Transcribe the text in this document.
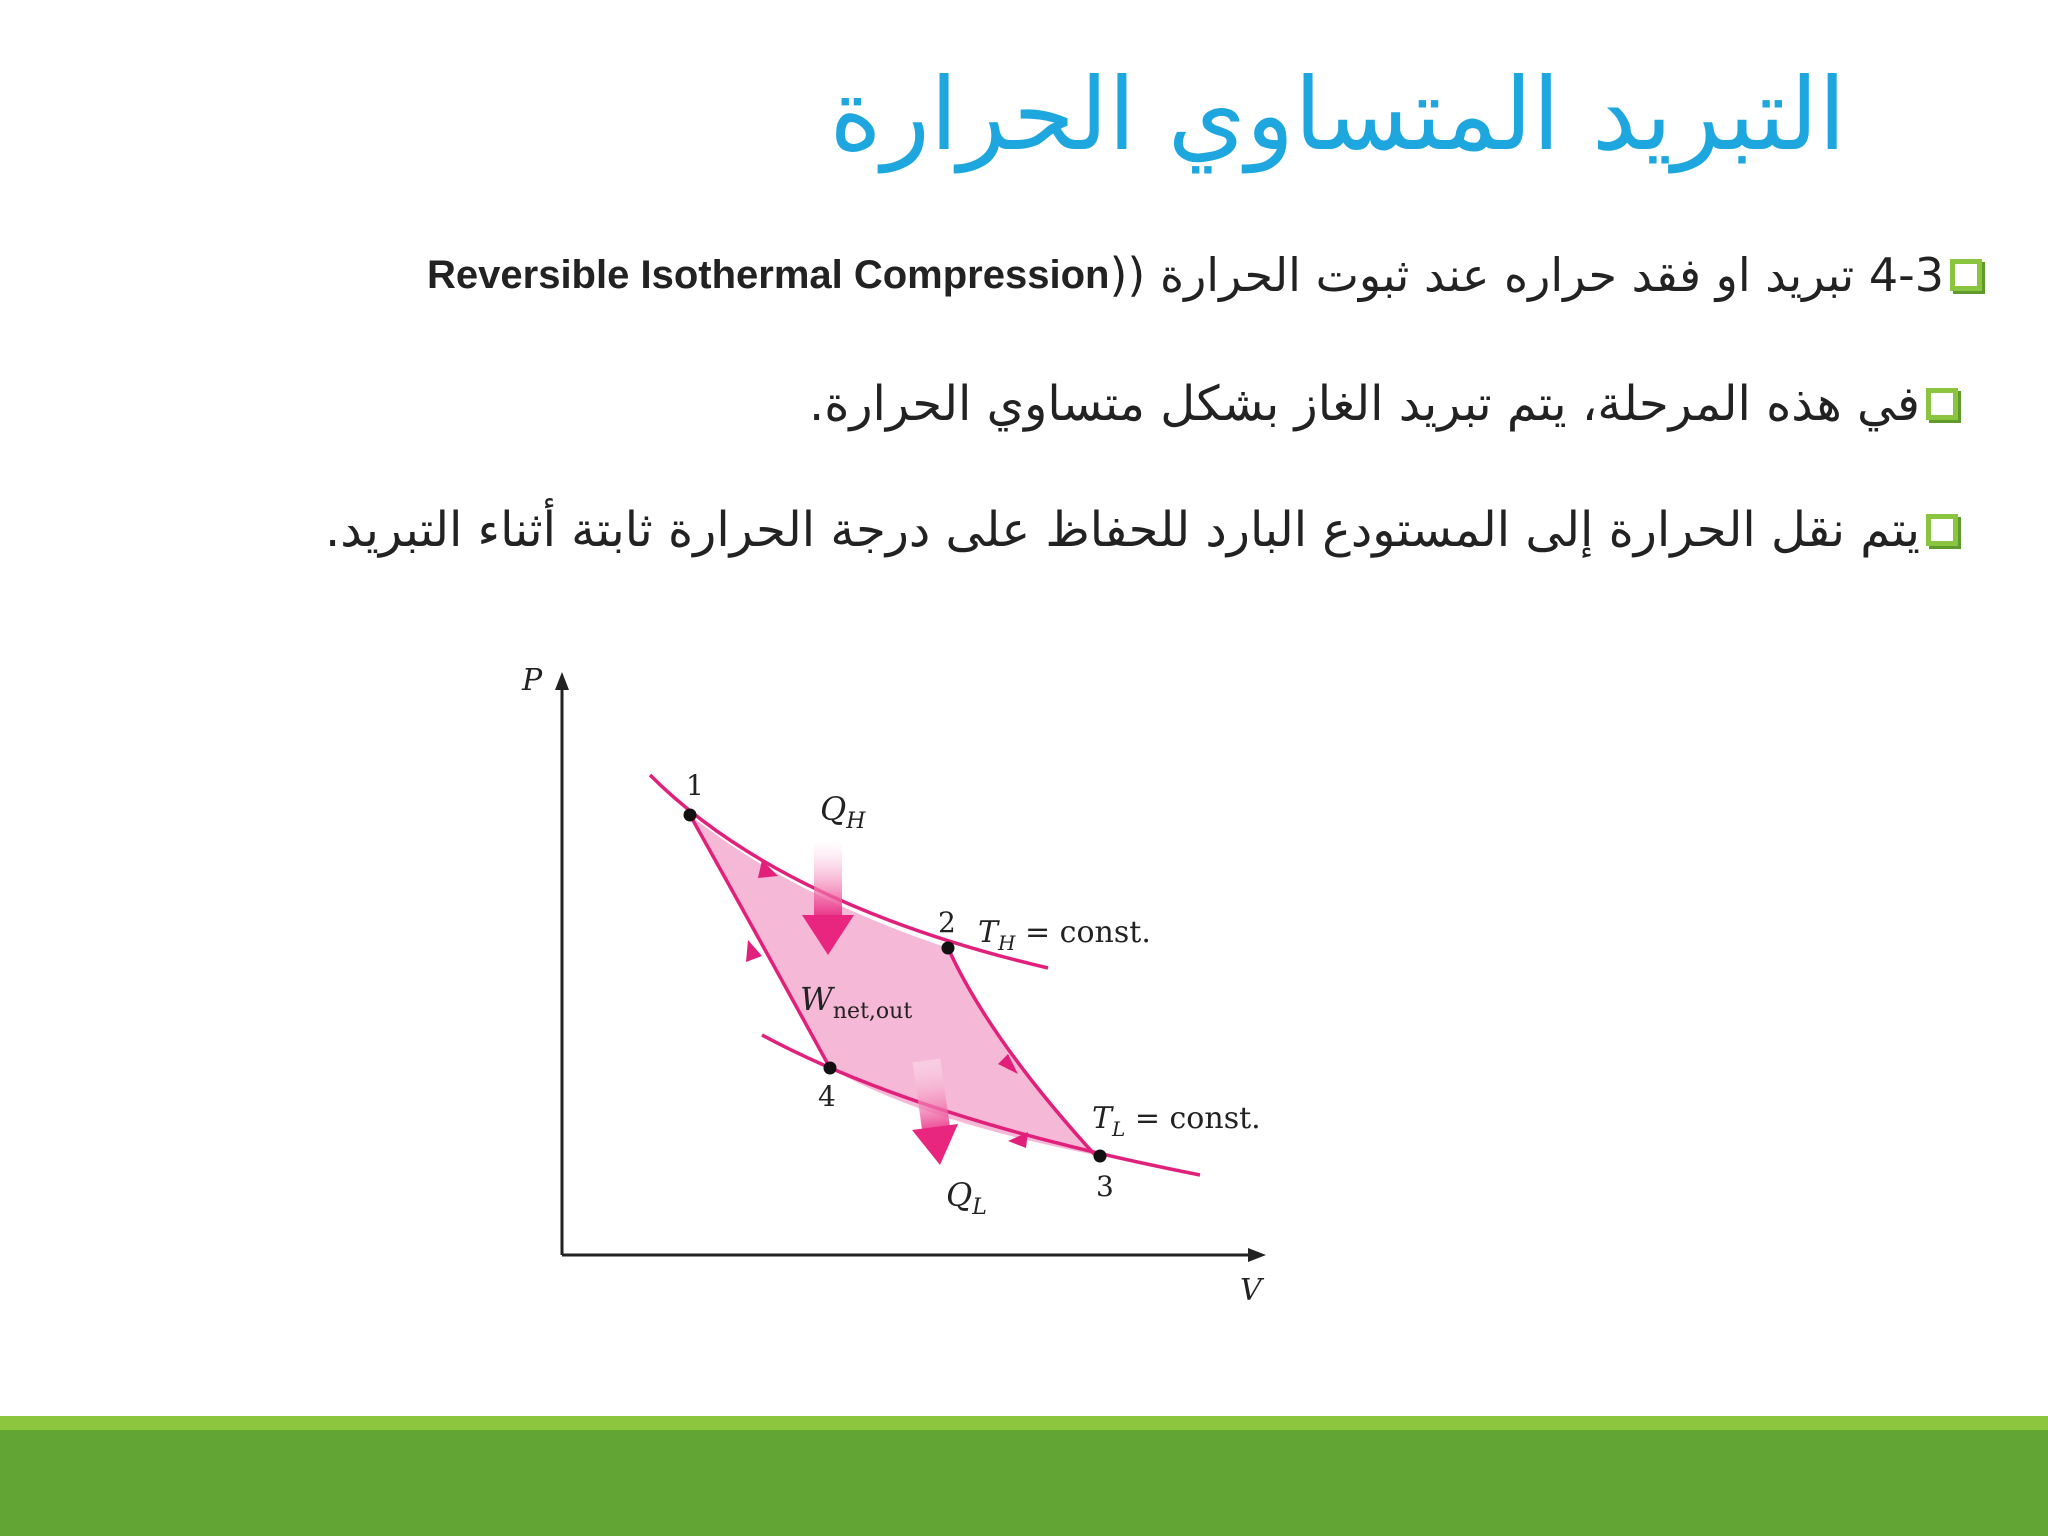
التبريد المتساوي الحرارة
4-3 تبريد او فقد حراره عند ثبوت الحرارة ((
Reversible Isothermal Compression
في هذه المرحلة، يتم تبريد الغاز بشكل متساوي الحرارة.
يتم نقل الحرارة إلى المستودع البارد للحفاظ على درجة الحرارة ثابتة أثناء التبريد.
P
V
1
2
3
4
$Q_H$
$Q_L$
$W_{net,out}$
$T_H$ = const.
$T_L$ = const.
